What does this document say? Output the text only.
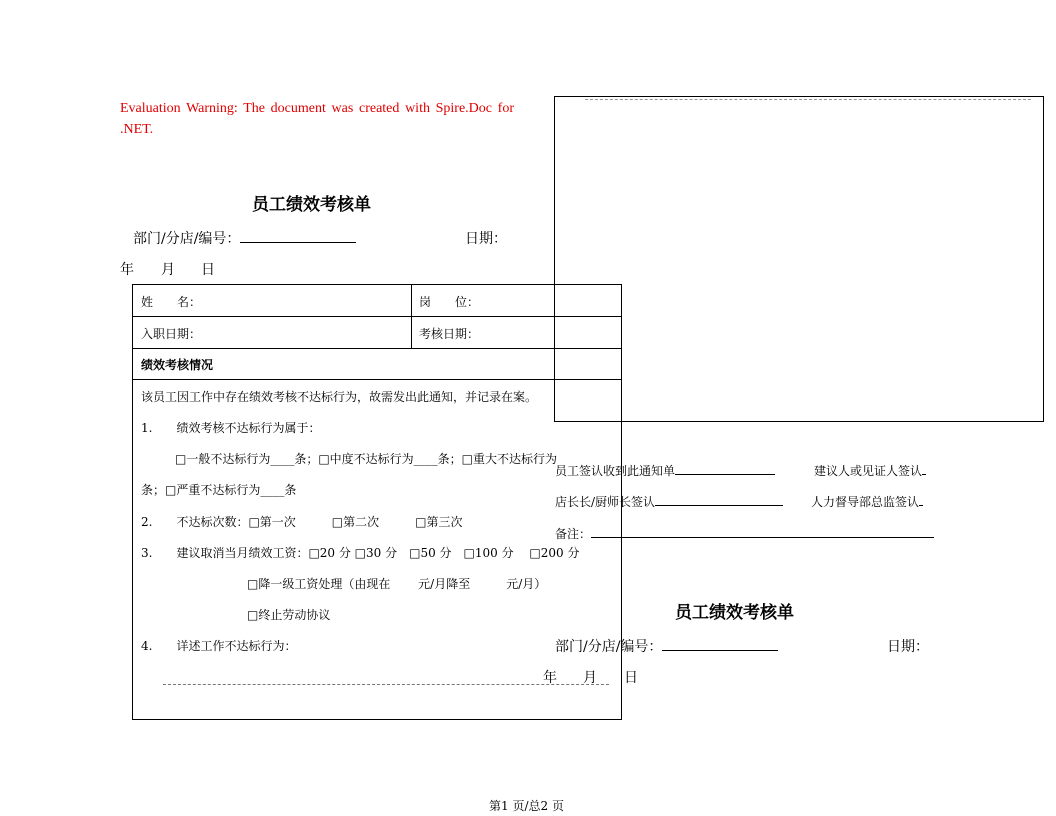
Evaluation Warning: The document was created with Spire.Doc for .NET.
员工绩效考核单
部门/分店/编号：	日期：
年 月 日
姓　　名：	岗　　位：
入职日期：	考核日期：
绩效考核情况
该员工因工作中存在绩效考核不达标行为，故需发出此通知，并记录在案。
1.　　绩效考核不达标行为属于：
□一般不达标行为____条；□中度不达标行为____条；□重大不达标行为
条；□严重不达标行为____条
2.　　不达标次数：□第一次　　　□第二次　　　□第三次
3.　　建议取消当月绩效工资：□20 分 □30 分　□50 分　□100 分　 □200 分
□降一级工资处理（由现在　　 元/月降至　　　元/月）
□终止劳动协议
4.　　详述工作不达标行为：
员工签认收到此通知单	建议人或见证人签认
店长长/厨师长签认	人力督导部总监签认
备注：
员工绩效考核单
部门/分店/编号：	日期：
年 月 日
第1 页/总2 页
